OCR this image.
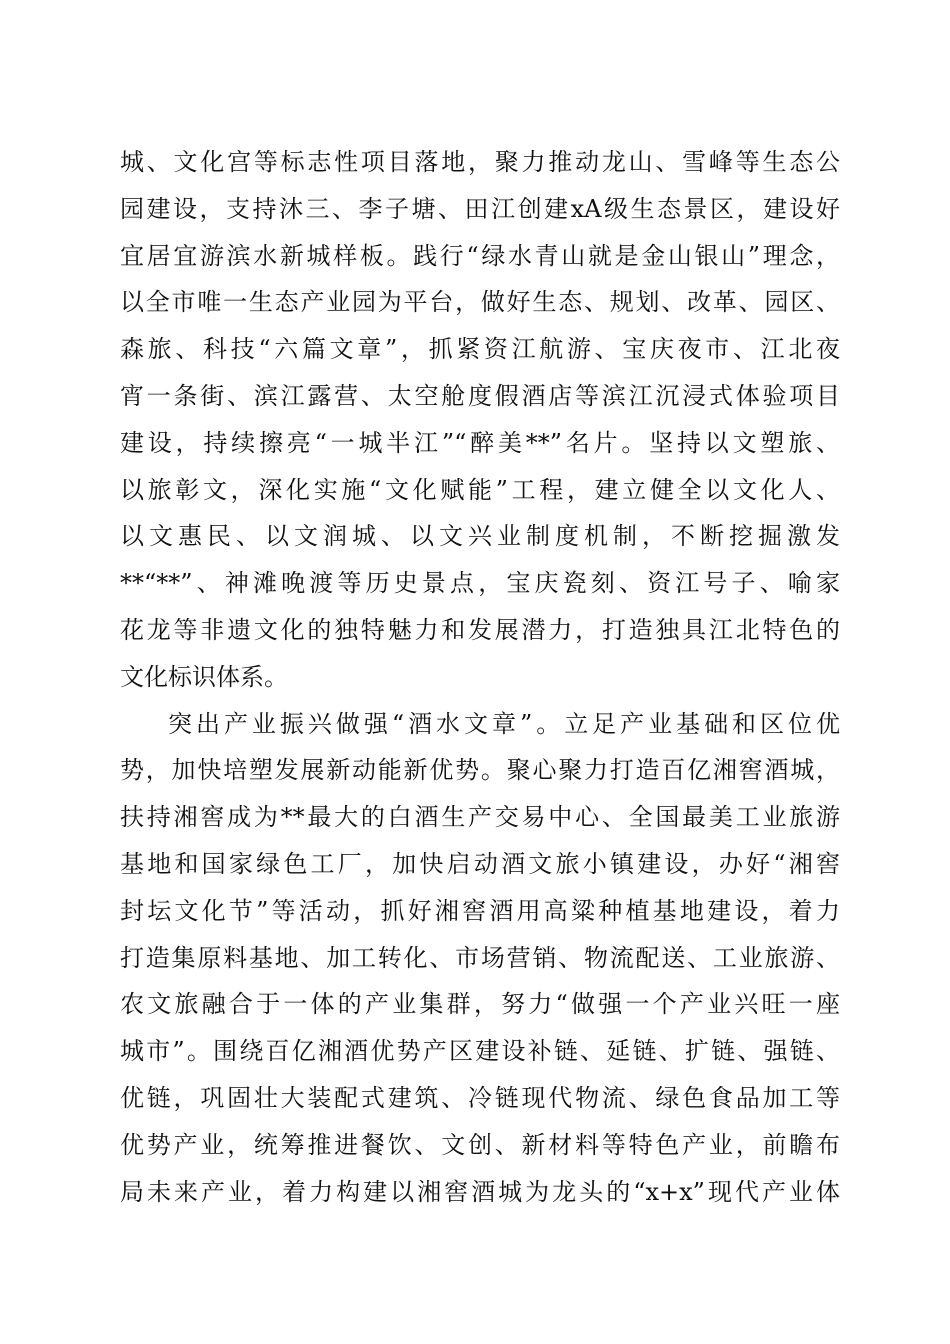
城、文化宫等标志性项目落地，聚力推动龙山、雪峰等生态公
园建设，支持沐三、李子塘、田江创建xA级生态景区，建设好
宜居宜游滨水新城样板。践行“绿水青山就是金山银山”理念，
以全市唯一生态产业园为平台，做好生态、规划、改革、园区、
森旅、科技“六篇文章”，抓紧资江航游、宝庆夜市、江北夜
宵一条街、滨江露营、太空舱度假酒店等滨江沉浸式体验项目
建设，持续擦亮“一城半江”“醉美**”名片。坚持以文塑旅、
以旅彰文，深化实施“文化赋能”工程，建立健全以文化人、
以文惠民、以文润城、以文兴业制度机制，不断挖掘激发
**“**”、神滩晚渡等历史景点，宝庆瓷刻、资江号子、喻家
花龙等非遗文化的独特魅力和发展潜力，打造独具江北特色的
文化标识体系。
突出产业振兴做强“酒水文章”。立足产业基础和区位优
势，加快培塑发展新动能新优势。聚心聚力打造百亿湘窖酒城，
扶持湘窖成为**最大的白酒生产交易中心、全国最美工业旅游
基地和国家绿色工厂，加快启动酒文旅小镇建设，办好“湘窖
封坛文化节”等活动，抓好湘窖酒用高粱种植基地建设，着力
打造集原料基地、加工转化、市场营销、物流配送、工业旅游、
农文旅融合于一体的产业集群，努力“做强一个产业兴旺一座
城市”。围绕百亿湘酒优势产区建设补链、延链、扩链、强链、
优链，巩固壮大装配式建筑、冷链现代物流、绿色食品加工等
优势产业，统筹推进餐饮、文创、新材料等特色产业，前瞻布
局未来产业，着力构建以湘窖酒城为龙头的“x+x”现代产业体
